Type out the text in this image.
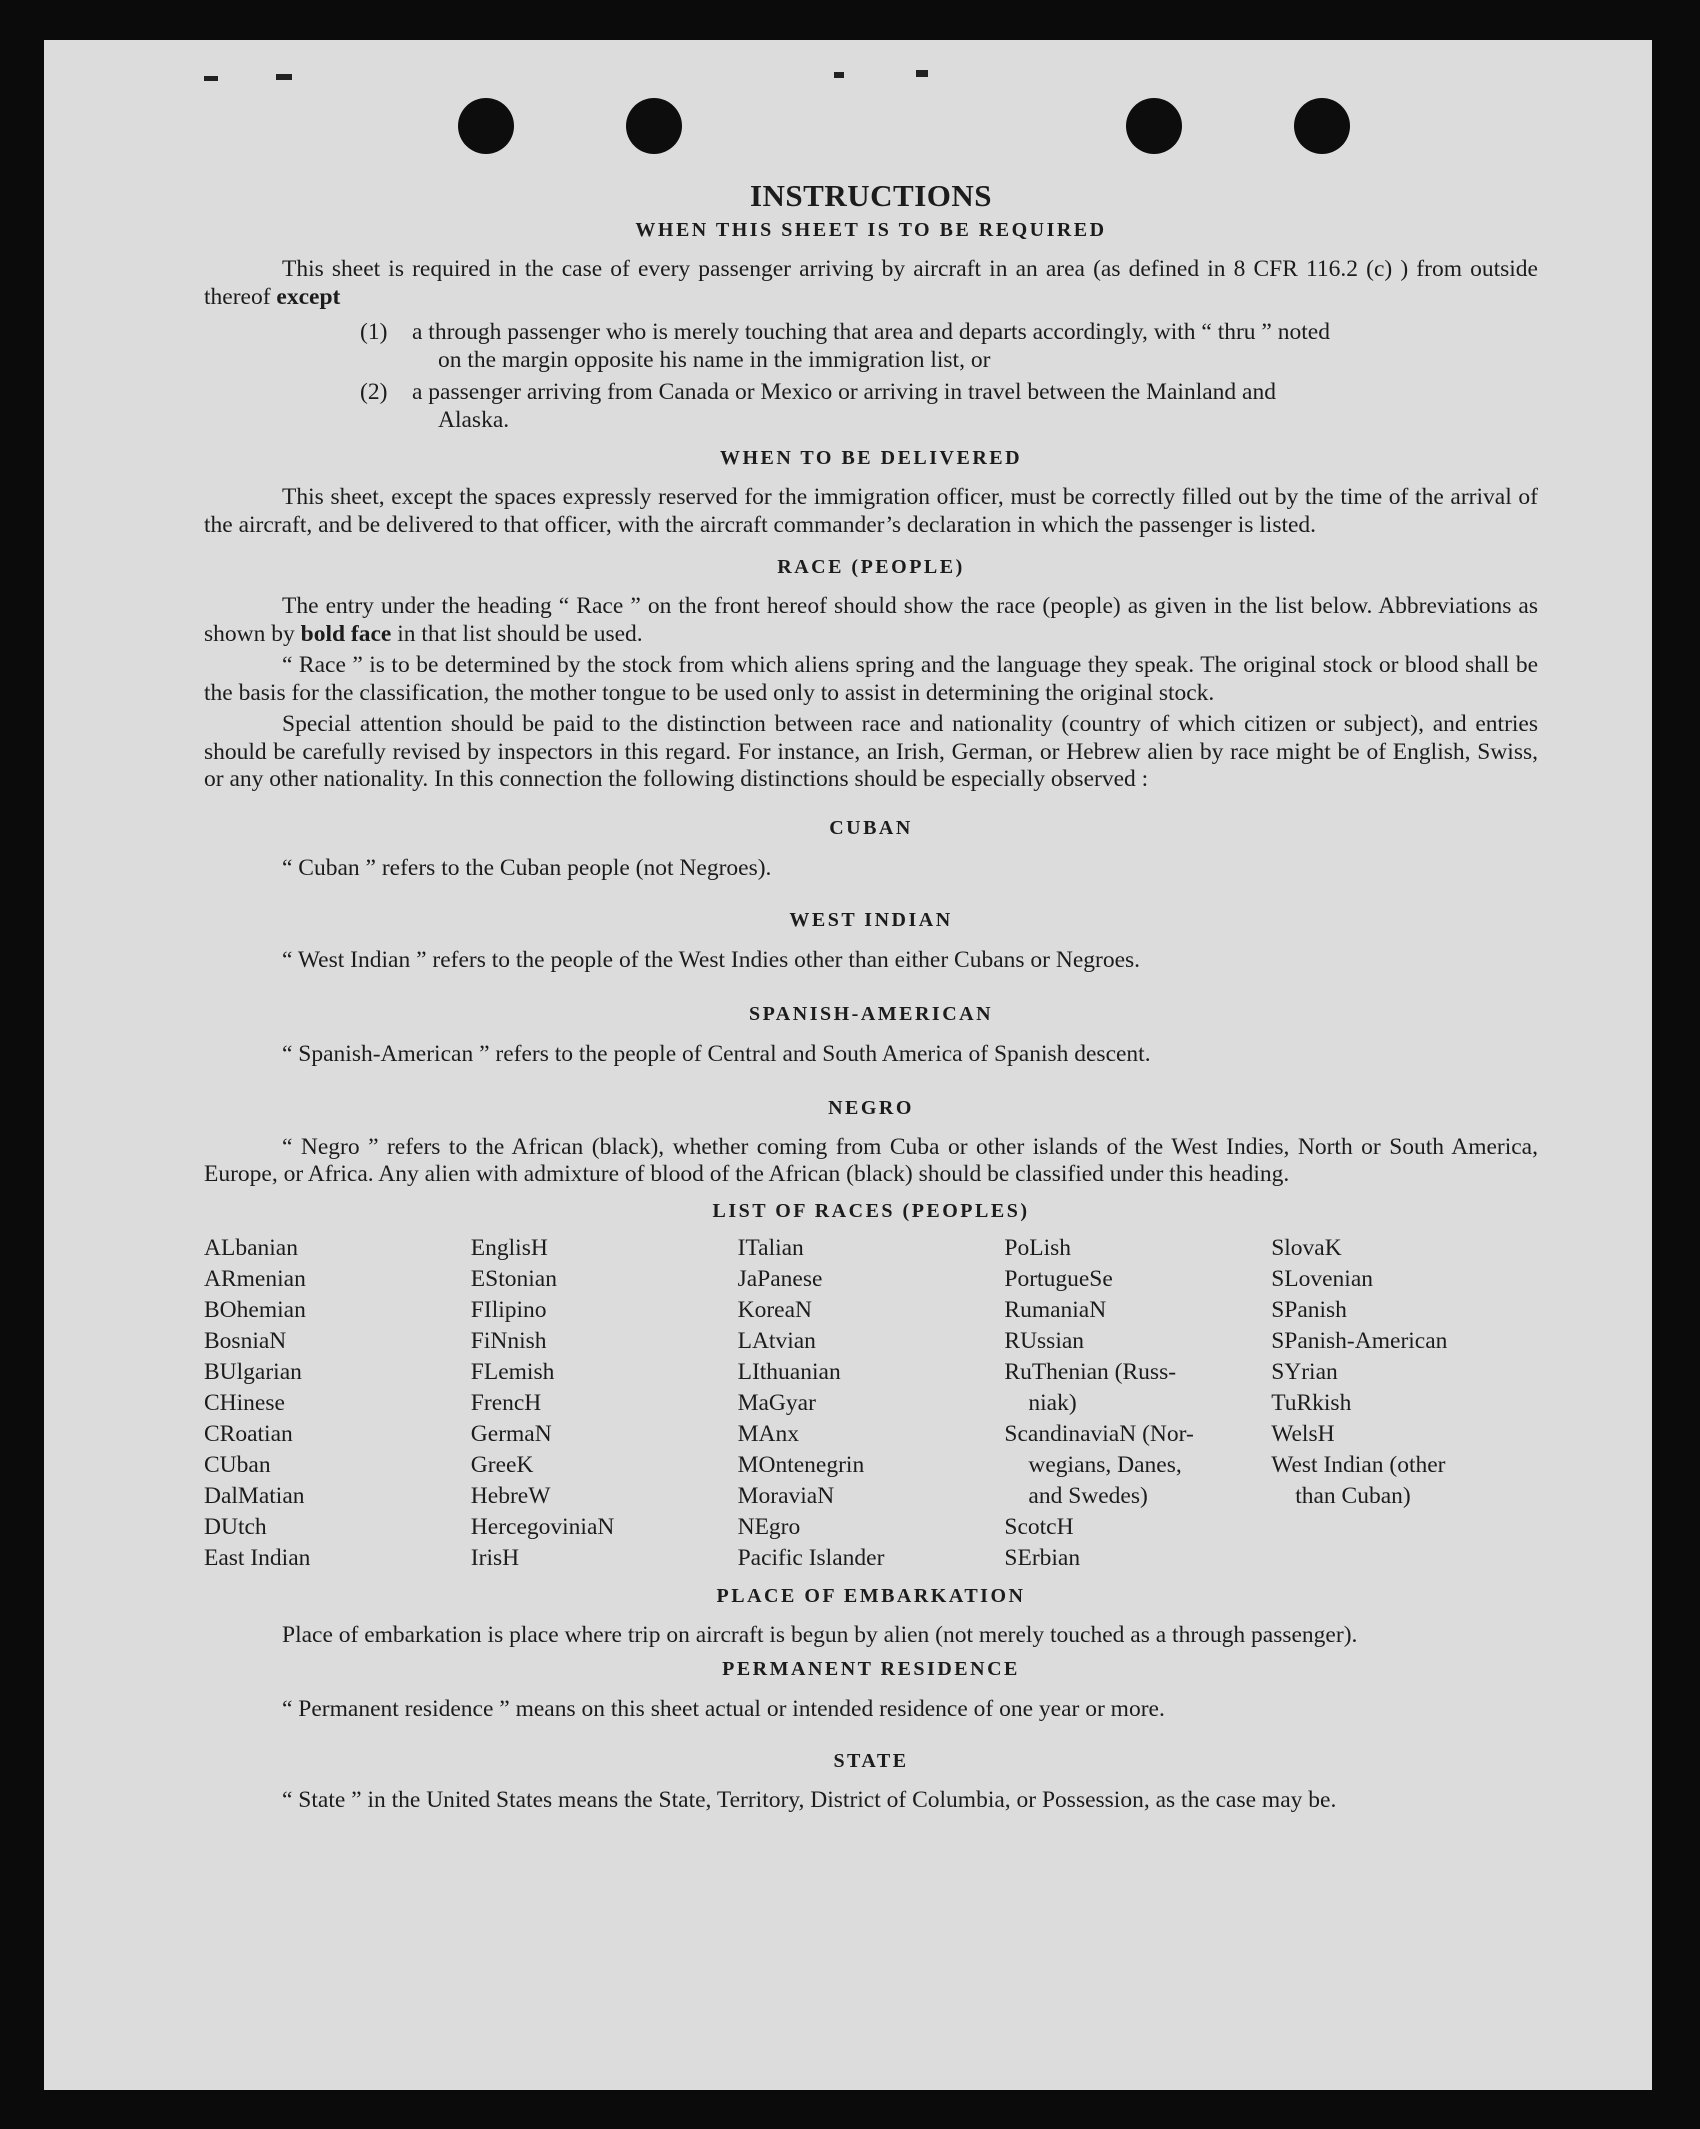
INSTRUCTIONS
WHEN THIS SHEET IS TO BE REQUIRED

This sheet is required in the case of every passenger arriving by aircraft in an area (as defined in 8 CFR 116.2 (c) ) from outside thereof except

(1)	a through passenger who is merely touching that area and departs accordingly, with “ thru ” noted
on the margin opposite his name in the immigration list, or
(2)	a passenger arriving from Canada or Mexico or arriving in travel between the Mainland and
Alaska.
WHEN TO BE DELIVERED

This sheet, except the spaces expressly reserved for the immigration officer, must be correctly filled out by the time of the arrival of the aircraft, and be delivered to that officer, with the aircraft commander’s declaration in which the passenger is listed.

RACE (PEOPLE)

The entry under the heading “ Race ” on the front hereof should show the race (people) as given in the list below. Abbreviations as shown by bold face in that list should be used.

“ Race ” is to be determined by the stock from which aliens spring and the language they speak. The original stock or blood shall be the basis for the classification, the mother tongue to be used only to assist in determining the original stock.

Special attention should be paid to the distinction between race and nationality (country of which citizen or subject), and entries should be carefully revised by inspectors in this regard. For instance, an Irish, German, or Hebrew alien by race might be of English, Swiss, or any other nationality. In this connection the following distinctions should be especially observed :

CUBAN
“ Cuban ” refers to the Cuban people (not Negroes).
WEST INDIAN
“ West Indian ” refers to the people of the West Indies other than either Cubans or Negroes.
SPANISH-AMERICAN
“ Spanish-American ” refers to the people of Central and South America of Spanish descent.
NEGRO

“ Negro ” refers to the African (black), whether coming from Cuba or other islands of the West Indies, North or South America, Europe, or Africa. Any alien with admixture of blood of the African (black) should be classified under this heading.

LIST OF RACES (PEOPLES)
ALbanian
ARmenian
BOhemian
BosniaN
BUlgarian
CHinese
CRoatian
CUban
DalMatian
DUtch
East Indian
EnglisH
EStonian
FIlipino
FiNnish
FLemish
FrencH
GermaN
GreeK
HebreW
HercegoviniaN
IrisH
ITalian
JaPanese
KoreaN
LAtvian
LIthuanian
MaGyar
MAnx
MOntenegrin
MoraviaN
NEgro
Pacific Islander
PoLish
PortugueSe
RumaniaN
RUssian
RuThenian (Russ-
niak)
ScandinaviaN (Nor-
wegians, Danes,
and Swedes)
ScotcH
SErbian
SlovaK
SLovenian
SPanish
SPanish-American
SYrian
TuRkish
WelsH
West Indian (other
than Cuban)
PLACE OF EMBARKATION

Place of embarkation is place where trip on aircraft is begun by alien (not merely touched as a through passenger).

PERMANENT RESIDENCE
“ Permanent residence ” means on this sheet actual or intended residence of one year or more.
STATE

“ State ” in the United States means the State, Territory, District of Columbia, or Possession, as the case may be.
